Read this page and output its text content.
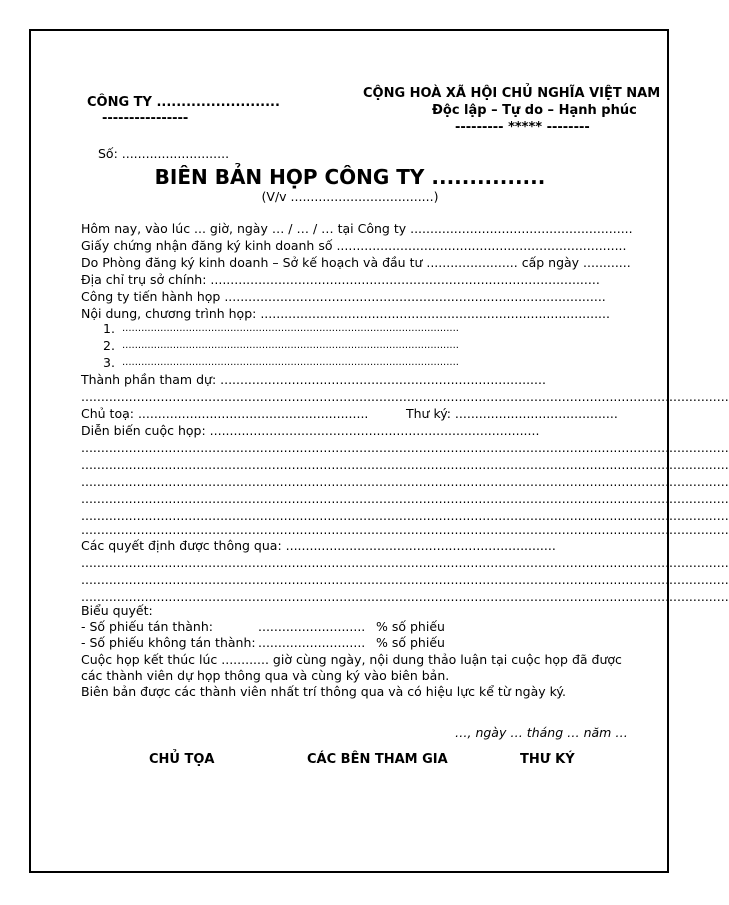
CÔNG TY .........................
----------------
CỘNG HOÀ XÃ HỘI CHỦ NGHĨA VIỆT NAM
Độc lập – Tự do – Hạnh phúc
--------- ***** --------
Số: ...........................
BIÊN BẢN HỌP CÔNG TY ...............
(V/v ....................................)
Hôm nay, vào lúc ... giờ, ngày … / … / … tại Công ty ........................................................
Giấy chứng nhận đăng ký kinh doanh số .........................................................................
Do Phòng đăng ký kinh doanh – Sở kế hoạch và đầu tư ....................... cấp ngày ............
Địa chỉ trụ sở chính: ..................................................................................................
Công ty tiến hành họp ................................................................................................
Nội dung, chương trình họp: ........................................................................................
1. ..........................................................................................................
2. ..........................................................................................................
3. ..........................................................................................................
Thành phần tham dự: ..................................................................................
...................................................................................................................................................................
Chủ toạ: ..........................................................	Thư ký: .........................................
Diễn biến cuộc họp: ...................................................................................
...................................................................................................................................................................
...................................................................................................................................................................
...................................................................................................................................................................
...................................................................................................................................................................
...................................................................................................................................................................
...................................................................................................................................................................
Các quyết định được thông qua: ....................................................................
...................................................................................................................................................................
...................................................................................................................................................................
...................................................................................................................................................................
Biểu quyết:
- Số phiếu tán thành:	........................... % số phiếu
- Số phiếu không tán thành: ........................... % số phiếu
Cuộc họp kết thúc lúc ............ giờ cùng ngày, nội dung thảo luận tại cuộc họp đã được
các thành viên dự họp thông qua và cùng ký vào biên bản.
Biên bản được các thành viên nhất trí thông qua và có hiệu lực kể từ ngày ký.
…, ngày … tháng … năm …
CHỦ TỌA	CÁC BÊN THAM GIA	THƯ KÝ
